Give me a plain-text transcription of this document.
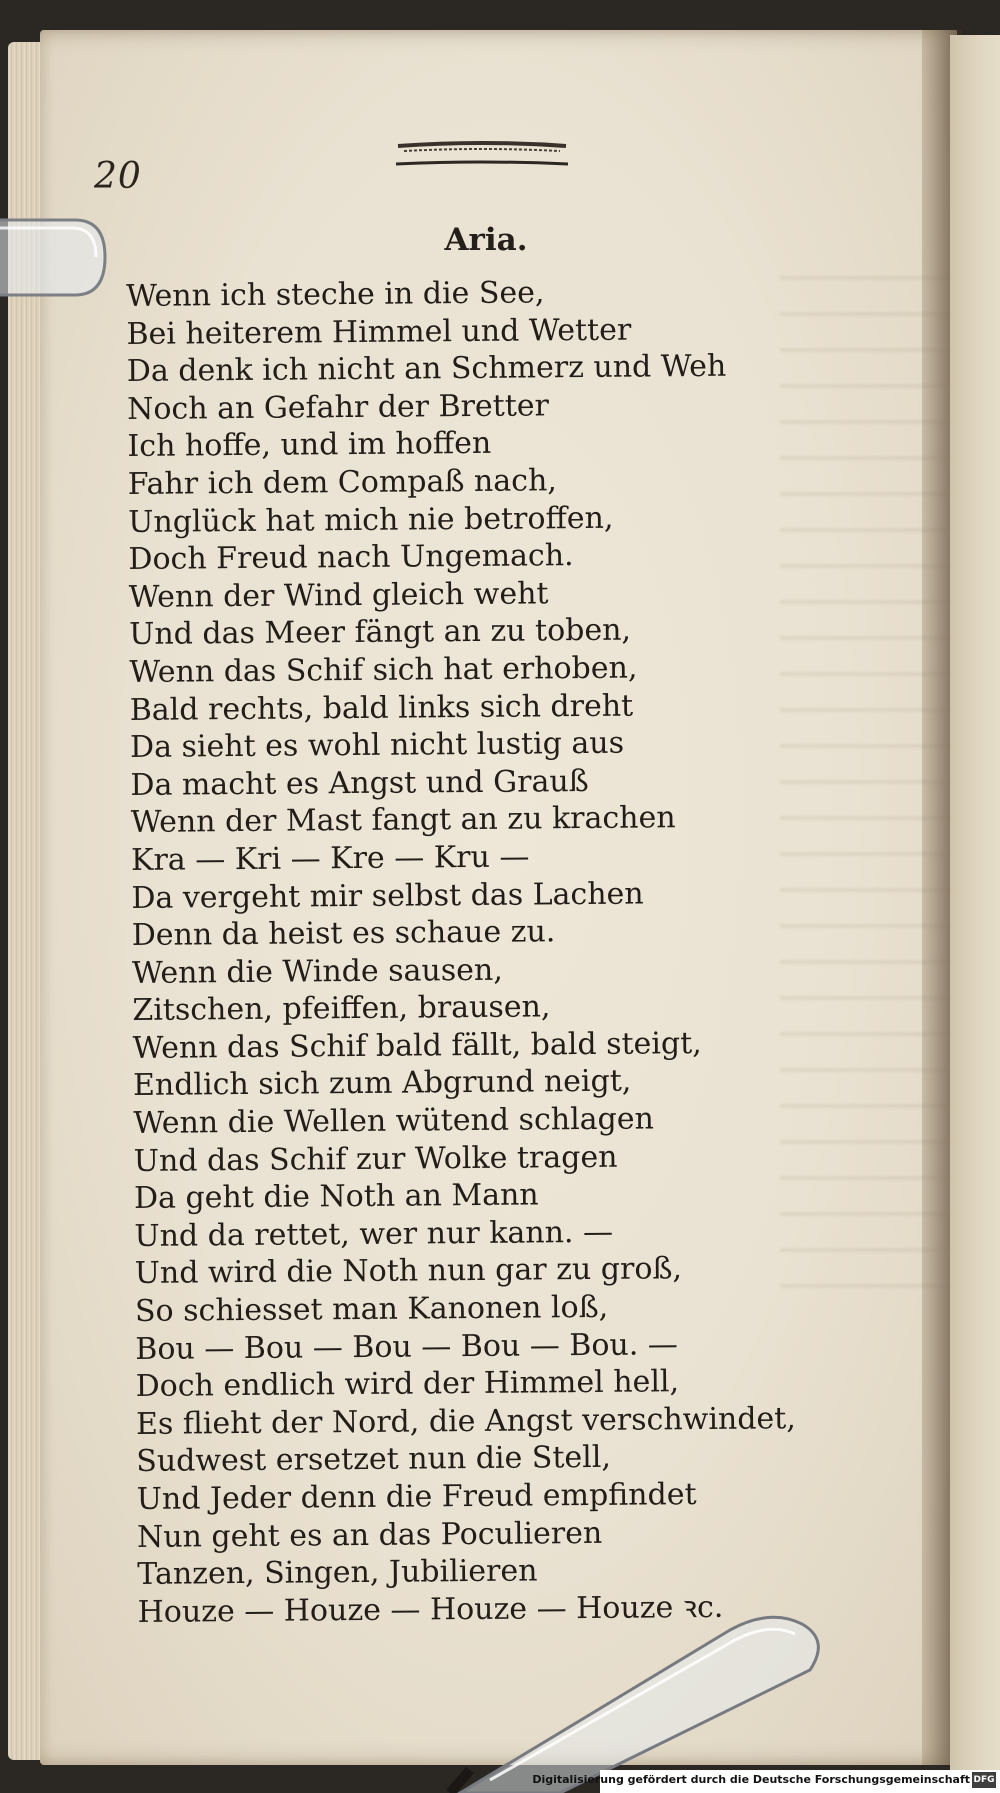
20
Aria.
Wenn ich steche in die See,
Bei heiterem Himmel und Wetter
Da denk ich nicht an Schmerz und Weh
Noch an Gefahr der Bretter
Ich hoffe, und im hoffen
Fahr ich dem Compaß nach,
Unglück hat mich nie betroffen,
Doch Freud nach Ungemach.
Wenn der Wind gleich weht
Und das Meer fängt an zu toben,
Wenn das Schif sich hat erhoben,
Bald rechts, bald links sich dreht
Da sieht es wohl nicht lustig aus
Da macht es Angst und Grauß
Wenn der Mast fangt an zu krachen
Kra — Kri — Kre — Kru —
Da vergeht mir selbst das Lachen
Denn da heist es schaue zu.
Wenn die Winde sausen,
Zitschen, pfeiffen, brausen,
Wenn das Schif bald fällt, bald steigt,
Endlich sich zum Abgrund neigt,
Wenn die Wellen wütend schlagen
Und das Schif zur Wolke tragen
Da geht die Noth an Mann
Und da rettet, wer nur kann. —
Und wird die Noth nun gar zu groß,
So schiesset man Kanonen loß,
Bou — Bou — Bou — Bou — Bou. —
Doch endlich wird der Himmel hell,
Es flieht der Nord, die Angst verschwindet,
Sudwest ersetzet nun die Stell,
Und Jeder denn die Freud empfindet
Nun geht es an das Poculieren
Tanzen, Singen, Jubilieren
Houze — Houze — Houze — Houze ꝛc.
Digitalisierung gefördert durch die Deutsche Forschungsgemeinschaft DFG
